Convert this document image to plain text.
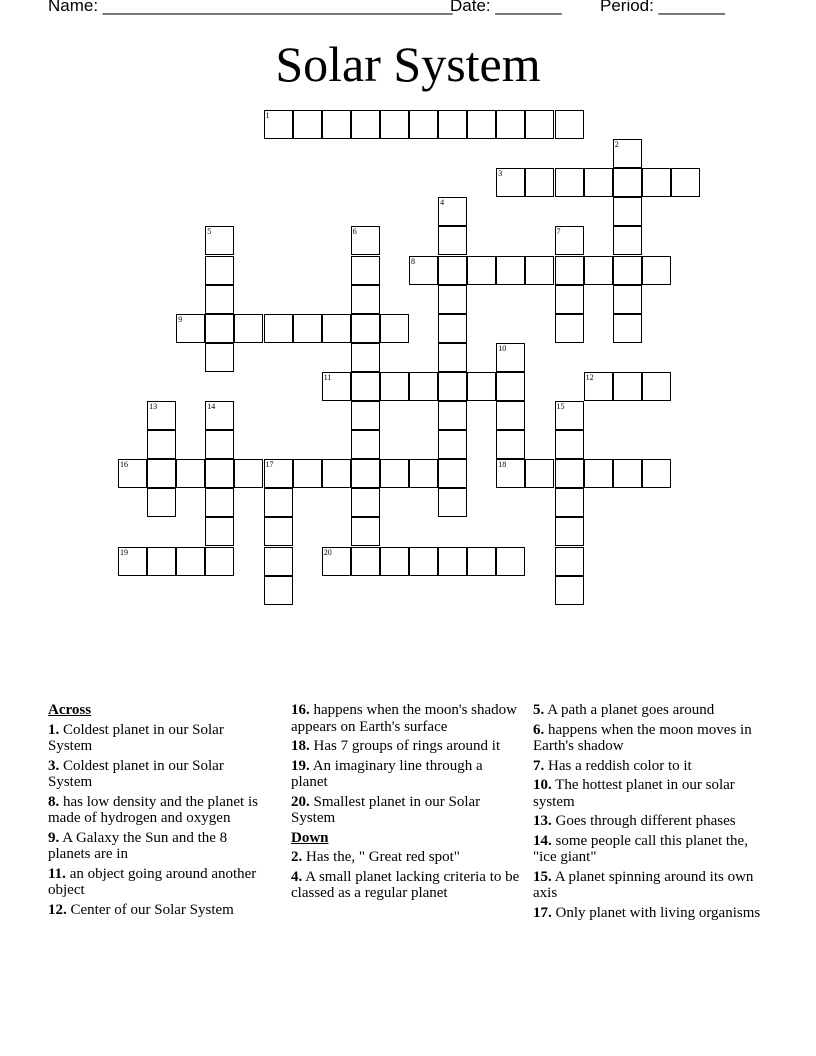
Name: _____________________________________Date: _______ Period: _______
Solar System
1
2
3
4
5	6	7
8
9
10
18
11	12
13	14	15
16	17
19	20
Across
1. Coldest planet in our Solar System
3. Coldest planet in our Solar System
8. has low density and the planet is made of hydrogen and oxygen
9. A Galaxy the Sun and the 8 planets are in
11. an object going around another object
12. Center of our Solar System
16. happens when the moon's shadow appears on Earth's surface
18. Has 7 groups of rings around it
19. An imaginary line through a planet
20. Smallest planet in our Solar System
Down
2. Has the, " Great red spot"
4. A small planet lacking criteria to be classed as a regular planet
5. A path a planet goes around
6. happens when the moon moves in Earth's shadow
7. Has a reddish color to it
10. The hottest planet in our solar system
13. Goes through different phases
14. some people call this planet the, "ice giant"
15. A planet spinning around its own axis
17. Only planet with living organisms
